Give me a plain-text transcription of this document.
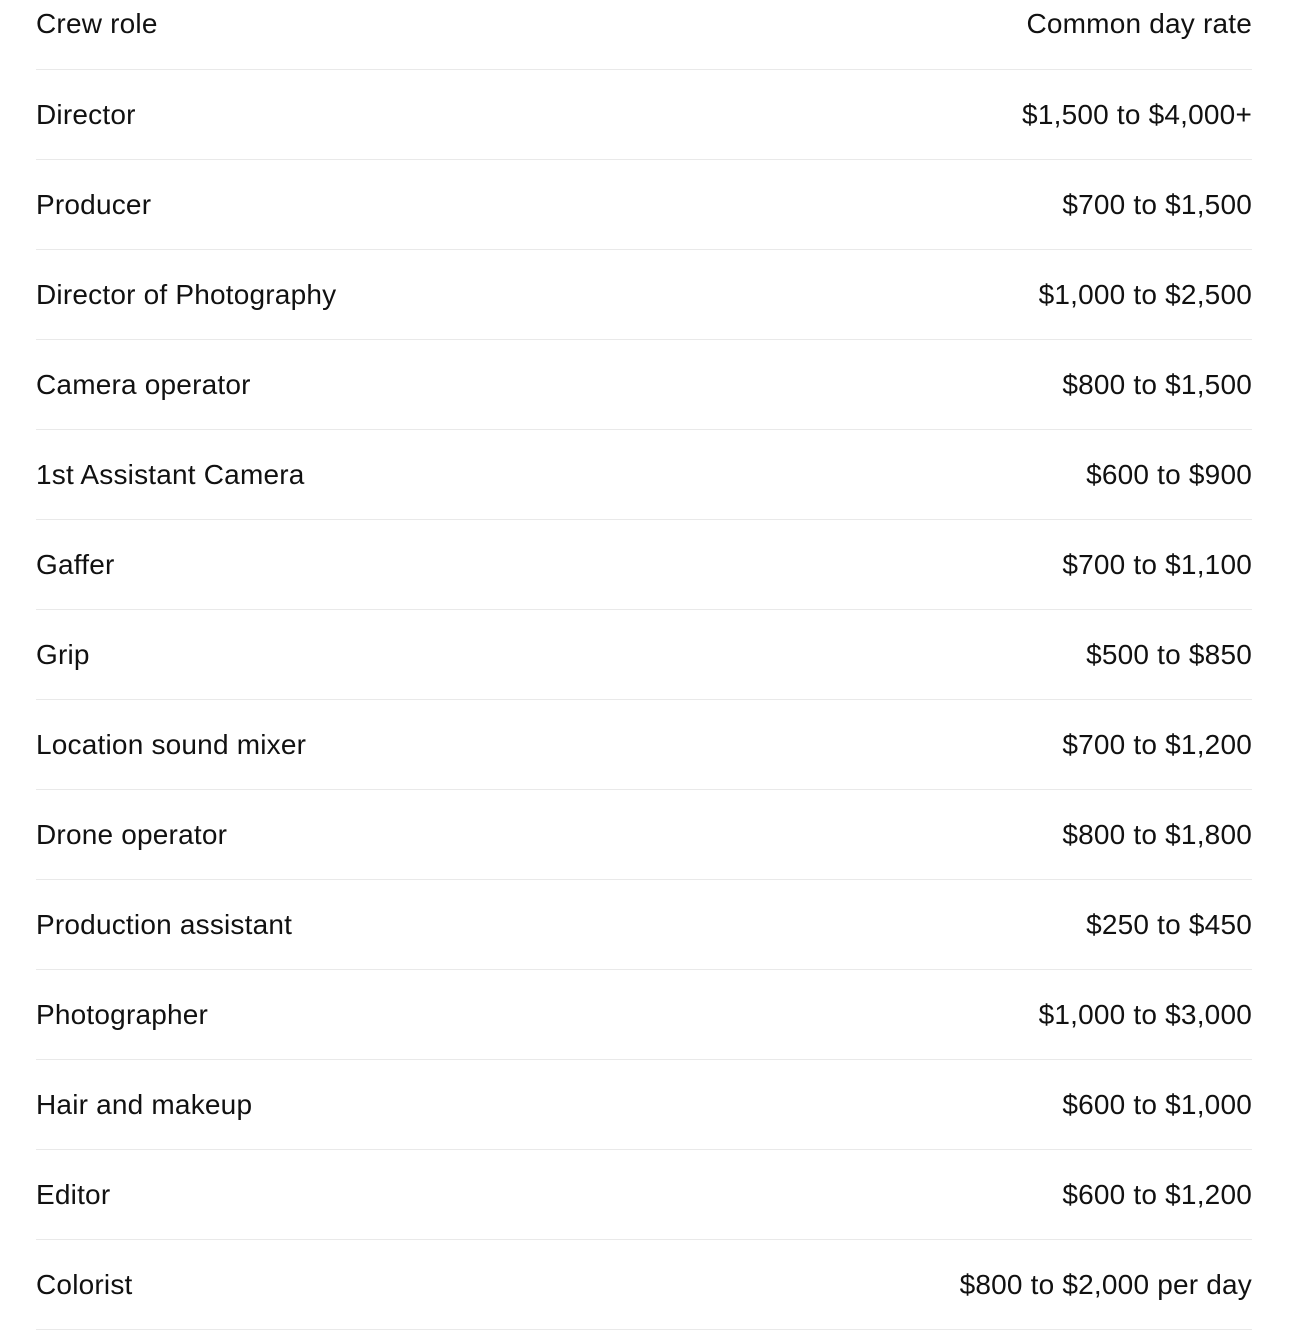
Crew role	Common day rate
Director	$1,500 to $4,000+
Producer	$700 to $1,500
Director of Photography	$1,000 to $2,500
Camera operator	$800 to $1,500
1st Assistant Camera	$600 to $900
Gaffer	$700 to $1,100
Grip	$500 to $850
Location sound mixer	$700 to $1,200
Drone operator	$800 to $1,800
Production assistant	$250 to $450
Photographer	$1,000 to $3,000
Hair and makeup	$600 to $1,000
Editor	$600 to $1,200
Colorist	$800 to $2,000 per day
